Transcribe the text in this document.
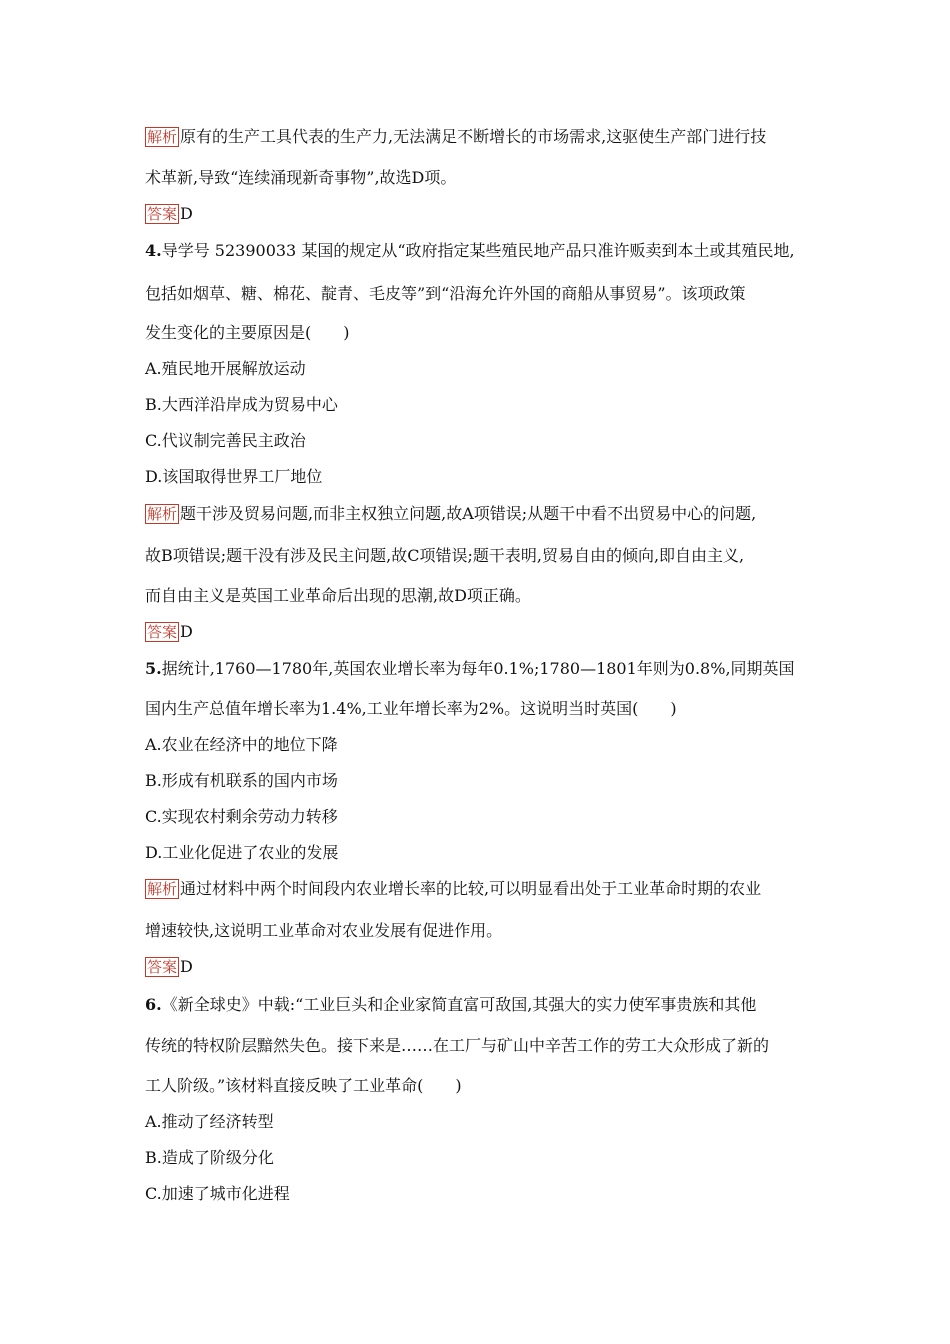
解析 原有的生产工具代表的生产力,无法满足不断增长的市场需求,这驱使生产部门进行技
术革新,导致“连续涌现新奇事物”,故选D项。
答案 D
4.导学号 52390033 某国的规定从“政府指定某些殖民地产品只准许贩卖到本土或其殖民地,
包括如烟草、糖、棉花、靛青、毛皮等”到“沿海允许外国的商船从事贸易”。该项政策
发生变化的主要原因是(　　)
A.殖民地开展解放运动
B.大西洋沿岸成为贸易中心
C.代议制完善民主政治
D.该国取得世界工厂地位
解析 题干涉及贸易问题,而非主权独立问题,故A项错误;从题干中看不出贸易中心的问题,
故B项错误;题干没有涉及民主问题,故C项错误;题干表明,贸易自由的倾向,即自由主义,
而自由主义是英国工业革命后出现的思潮,故D项正确。
答案 D
5.据统计,1760—1780年,英国农业增长率为每年0.1%;1780—1801年则为0.8%,同期英国
国内生产总值年增长率为1.4%,工业年增长率为2%。这说明当时英国(　　)
A.农业在经济中的地位下降
B.形成有机联系的国内市场
C.实现农村剩余劳动力转移
D.工业化促进了农业的发展
解析 通过材料中两个时间段内农业增长率的比较,可以明显看出处于工业革命时期的农业
增速较快,这说明工业革命对农业发展有促进作用。
答案 D
6.《新全球史》中载:“工业巨头和企业家简直富可敌国,其强大的实力使军事贵族和其他
传统的特权阶层黯然失色。接下来是……在工厂与矿山中辛苦工作的劳工大众形成了新的
工人阶级。”该材料直接反映了工业革命(　　)
A.推动了经济转型
B.造成了阶级分化
C.加速了城市化进程
